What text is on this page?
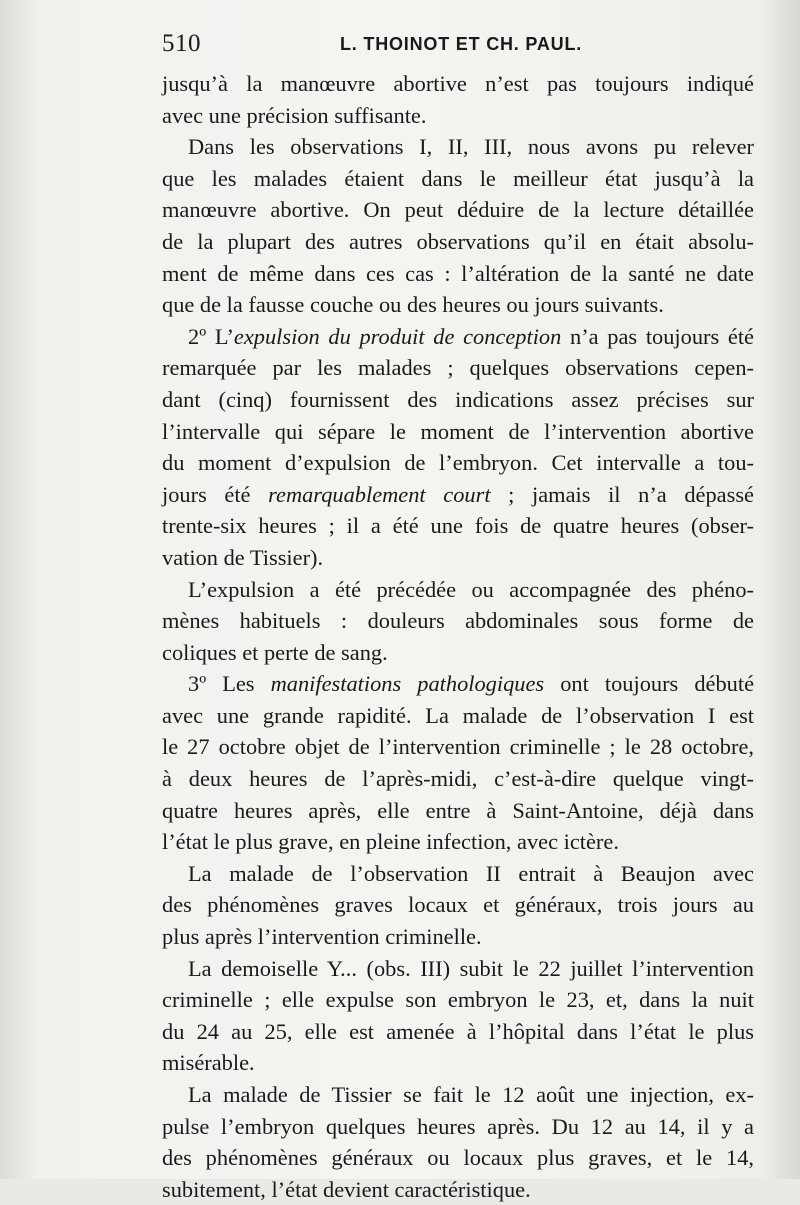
510	L. THOINOT ET CH. PAUL.
jusqu’à la manœuvre abortive n’est pas toujours indiqué
avec une précision suffisante.
Dans les observations I, II, III, nous avons pu relever
que les malades étaient dans le meilleur état jusqu’à la
manœuvre abortive. On peut déduire de la lecture détaillée
de la plupart des autres observations qu’il en était absolu-
ment de même dans ces cas : l’altération de la santé ne date
que de la fausse couche ou des heures ou jours suivants.
2º L’expulsion du produit de conception n’a pas toujours été
remarquée par les malades ; quelques observations cepen-
dant (cinq) fournissent des indications assez précises sur
l’intervalle qui sépare le moment de l’intervention abortive
du moment d’expulsion de l’embryon. Cet intervalle a tou-
jours été remarquablement court ; jamais il n’a dépassé
trente-six heures ; il a été une fois de quatre heures (obser-
vation de Tissier).
L’expulsion a été précédée ou accompagnée des phéno-
mènes habituels : douleurs abdominales sous forme de
coliques et perte de sang.
3º Les manifestations pathologiques ont toujours débuté
avec une grande rapidité. La malade de l’observation I est
le 27 octobre objet de l’intervention criminelle ; le 28 octobre,
à deux heures de l’après-midi, c’est-à-dire quelque vingt-
quatre heures après, elle entre à Saint-Antoine, déjà dans
l’état le plus grave, en pleine infection, avec ictère.
La malade de l’observation II entrait à Beaujon avec
des phénomènes graves locaux et généraux, trois jours au
plus après l’intervention criminelle.
La demoiselle Y... (obs. III) subit le 22 juillet l’intervention
criminelle ; elle expulse son embryon le 23, et, dans la nuit
du 24 au 25, elle est amenée à l’hôpital dans l’état le plus
misérable.
La malade de Tissier se fait le 12 août une injection, ex-
pulse l’embryon quelques heures après. Du 12 au 14, il y a
des phénomènes généraux ou locaux plus graves, et le 14,
subitement, l’état devient caractéristique.
